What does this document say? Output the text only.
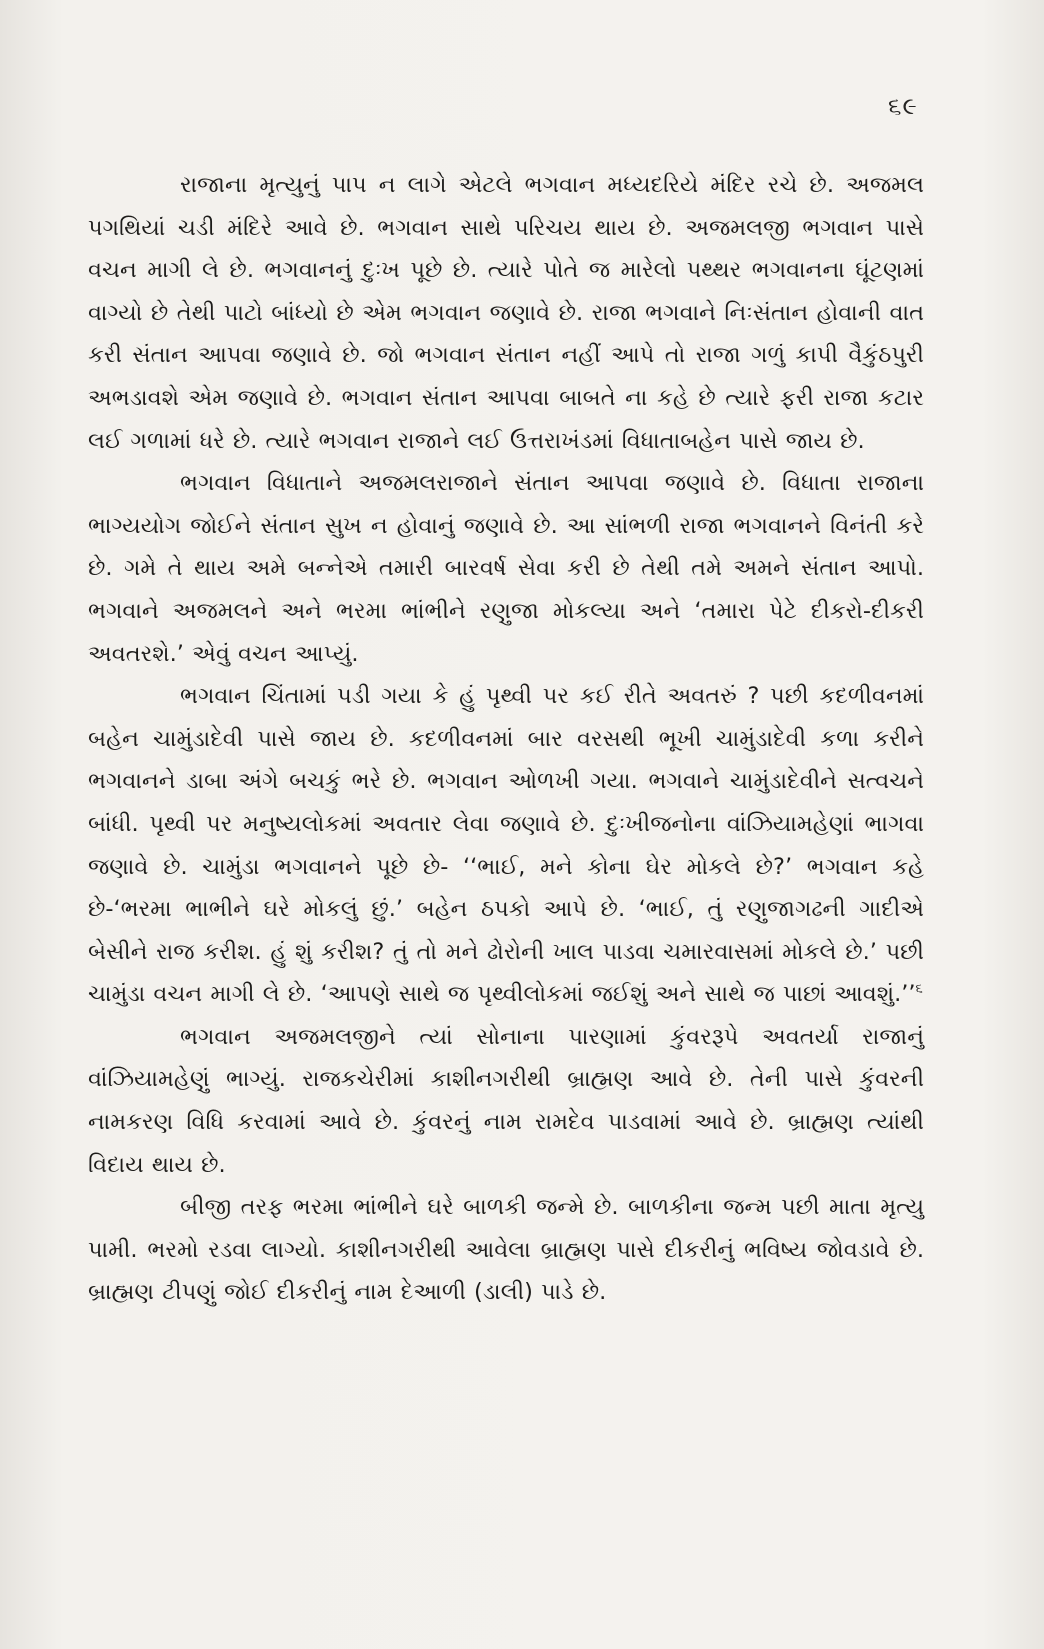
૬૯

રાજાના મૃત્યુનું પાપ ન લાગે એટલે ભગવાન મધ્યદરિયે મંદિર રચે છે. અજમલ પગથિયાં ચડી મંદિરે આવે છે. ભગવાન સાથે પરિચય થાય છે. અજમલજી ભગવાન પાસે વચન માગી લે છે. ભગવાનનું દુઃખ પૂછે છે. ત્યારે પોતે જ મારેલો પથ્થર ભગવાનના ઘૂંટણમાં વાગ્યો છે તેથી પાટો બાંધ્યો છે એમ ભગવાન જણાવે છે. રાજા ભગવાને નિઃસંતાન હોવાની વાત કરી સંતાન આપવા જણાવે છે. જો ભગવાન સંતાન નહીં આપે તો રાજા ગળું કાપી વૈકુંઠપુરી અભડાવશે એમ જણાવે છે. ભગવાન સંતાન આપવા બાબતે ના કહે છે ત્યારે ફરી રાજા કટાર લઈ ગળામાં ધરે છે. ત્યારે ભગવાન રાજાને લઈ ઉત્તરાખંડમાં વિધાતાબહેન પાસે જાય છે.

ભગવાન વિધાતાને અજમલરાજાને સંતાન આપવા જણાવે છે. વિધાતા રાજાના ભાગ્યયોગ જોઈને સંતાન સુખ ન હોવાનું જણાવે છે. આ સાંભળી રાજા ભગવાનને વિનંતી કરે છે. ગમે તે થાય અમે બન્નેએ તમારી બારવર્ષ સેવા કરી છે તેથી તમે અમને સંતાન આપો. ભગવાને અજમલને અને ભરમા ભાંભીને રણુજા મોકલ્યા અને ‘તમારા પેટે દીકરો-દીકરી અવતરશે.’ એવું વચન આપ્યું.

ભગવાન ચિંતામાં પડી ગયા કે હું પૃથ્વી પર કઈ રીતે અવતરું ? પછી કદળીવનમાં બહેન ચામુંડાદેવી પાસે જાય છે. કદળીવનમાં બાર વરસથી ભૂખી ચામુંડાદેવી કળા કરીને ભગવાનને ડાબા અંગે બચકું ભરે છે. ભગવાન ઓળખી ગયા. ભગવાને ચામુંડાદેવીને સત્વચને બાંધી. પૃથ્વી પર મનુષ્યલોકમાં અવતાર લેવા જણાવે છે. દુઃખીજનોના વાંઝિયામહેણાં ભાગવા જણાવે છે. ચામુંડા ભગવાનને પૂછે છે- ‘‘ભાઈ, મને કોના ઘેર મોકલે છે?’ ભગવાન કહે છે-‘ભરમા ભાભીને ઘરે મોકલું છું.’ બહેન ઠપકો આપે છે. ‘ભાઈ, તું રણુજાગઢની ગાદીએ બેસીને રાજ કરીશ. હું શું કરીશ? તું તો મને ઢોરોની ખાલ પાડવા ચમારવાસમાં મોકલે છે.’ પછી ચામુંડા વચન માગી લે છે. ‘આપણે સાથે જ પૃથ્વીલોકમાં જઈશું અને સાથે જ પાછાં આવશું.’’$^૬$

ભગવાન અજમલજીને ત્યાં સોનાના પારણામાં કુંવરરૂપે અવતર્યા રાજાનું વાંઝિયામહેણું ભાગ્યું. રાજકચેરીમાં કાશીનગરીથી બ્રાહ્મણ આવે છે. તેની પાસે કુંવરની નામકરણ વિધિ કરવામાં આવે છે. કુંવરનું નામ રામદેવ પાડવામાં આવે છે. બ્રાહ્મણ ત્યાંથી વિદાય થાય છે.

બીજી તરફ ભરમા ભાંભીને ઘરે બાળકી જન્મે છે. બાળકીના જન્મ પછી માતા મૃત્યુ પામી. ભરમો રડવા લાગ્યો. કાશીનગરીથી આવેલા બ્રાહ્મણ પાસે દીકરીનું ભવિષ્ય જોવડાવે છે. બ્રાહ્મણ ટીપણું જોઈ દીકરીનું નામ દેઆળી (ડાલી) પાડે છે.
